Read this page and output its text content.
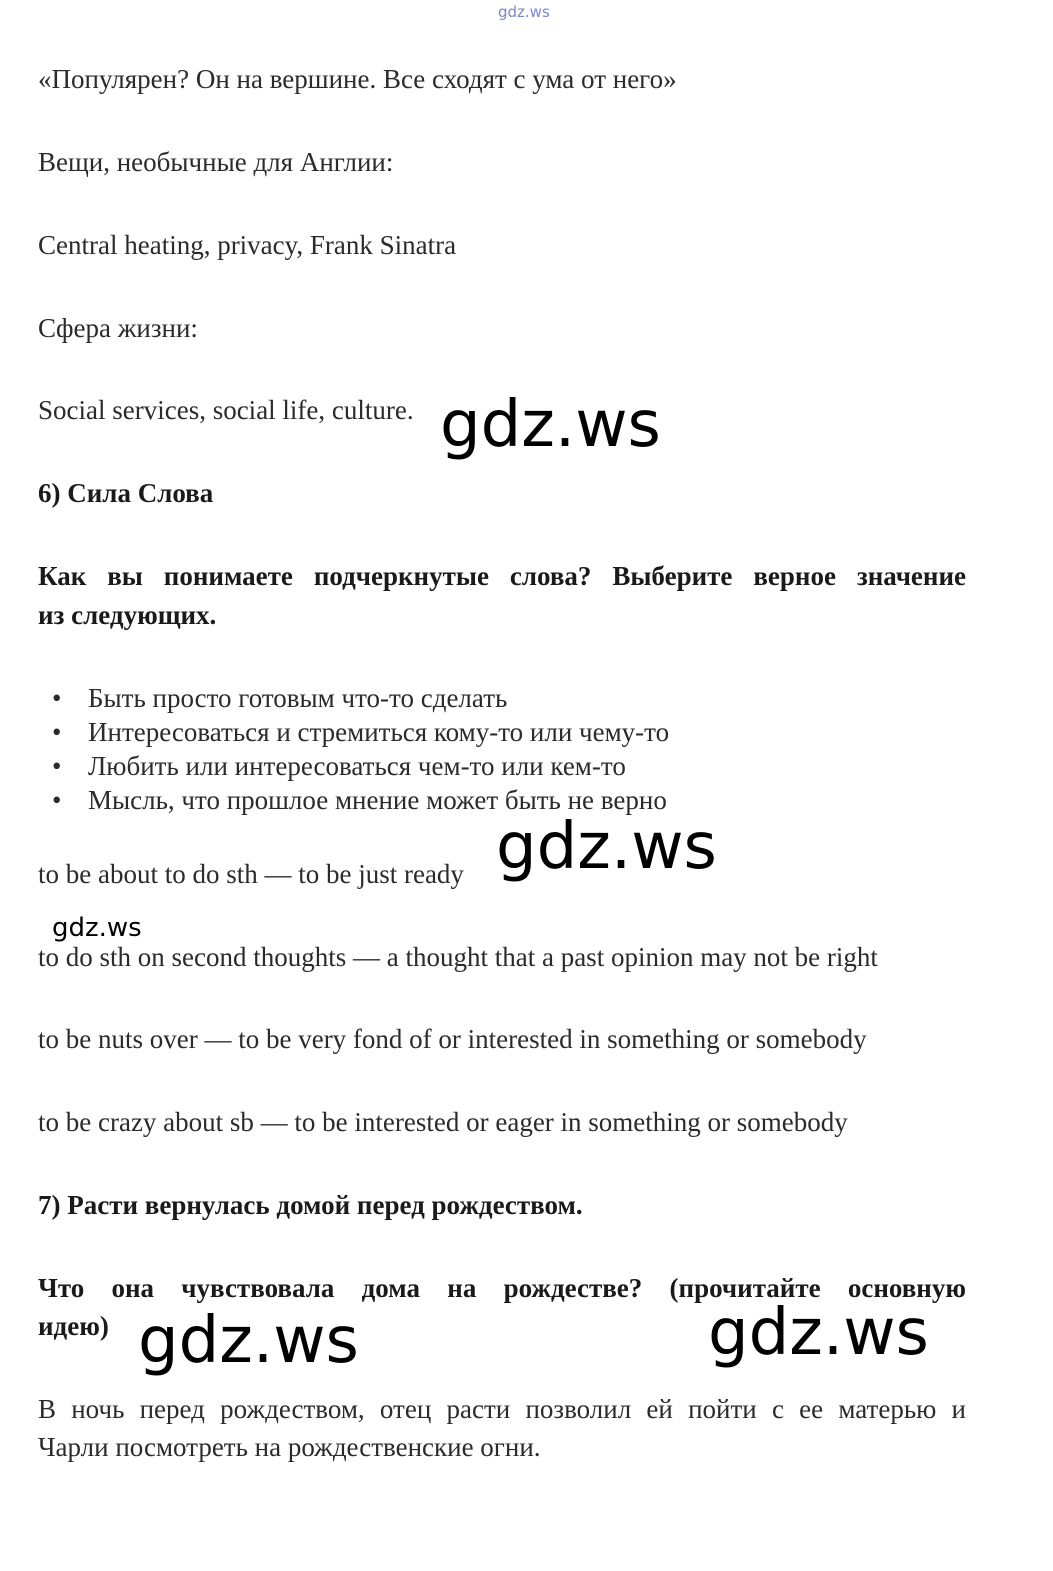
gdz.ws

«Популярен? Он на вершине. Все сходят с ума от него»

Вещи, необычные для Англии:

Central heating, privacy, Frank Sinatra

Сфера жизни:

Social services, social life, culture. gdz.ws

6) Сила Слова

Как вы понимаете подчеркнутые слова? Выберите верное значение

из следующих.

• Быть просто готовым что-то сделать
• Интересоваться и стремиться кому-то или чему-то
• Любить или интересоваться чем-то или кем-то
• Мысль, что прошлое мнение может быть не верно

to be about to do sth — to be just ready gdz.ws
gdz.ws

to do sth on second thoughts — a thought that a past opinion may not be right

to be nuts over — to be very fond of or interested in something or somebody

to be crazy about sb — to be interested or eager in something or somebody

7) Расти вернулась домой перед рождеством.

Что она чувствовала дома на рождестве? (прочитайте основную

идею) gdz.ws	gdz.ws

В ночь перед рождеством, отец расти позволил ей пойти с ее матерью и
Чарли посмотреть на рождественские огни.
